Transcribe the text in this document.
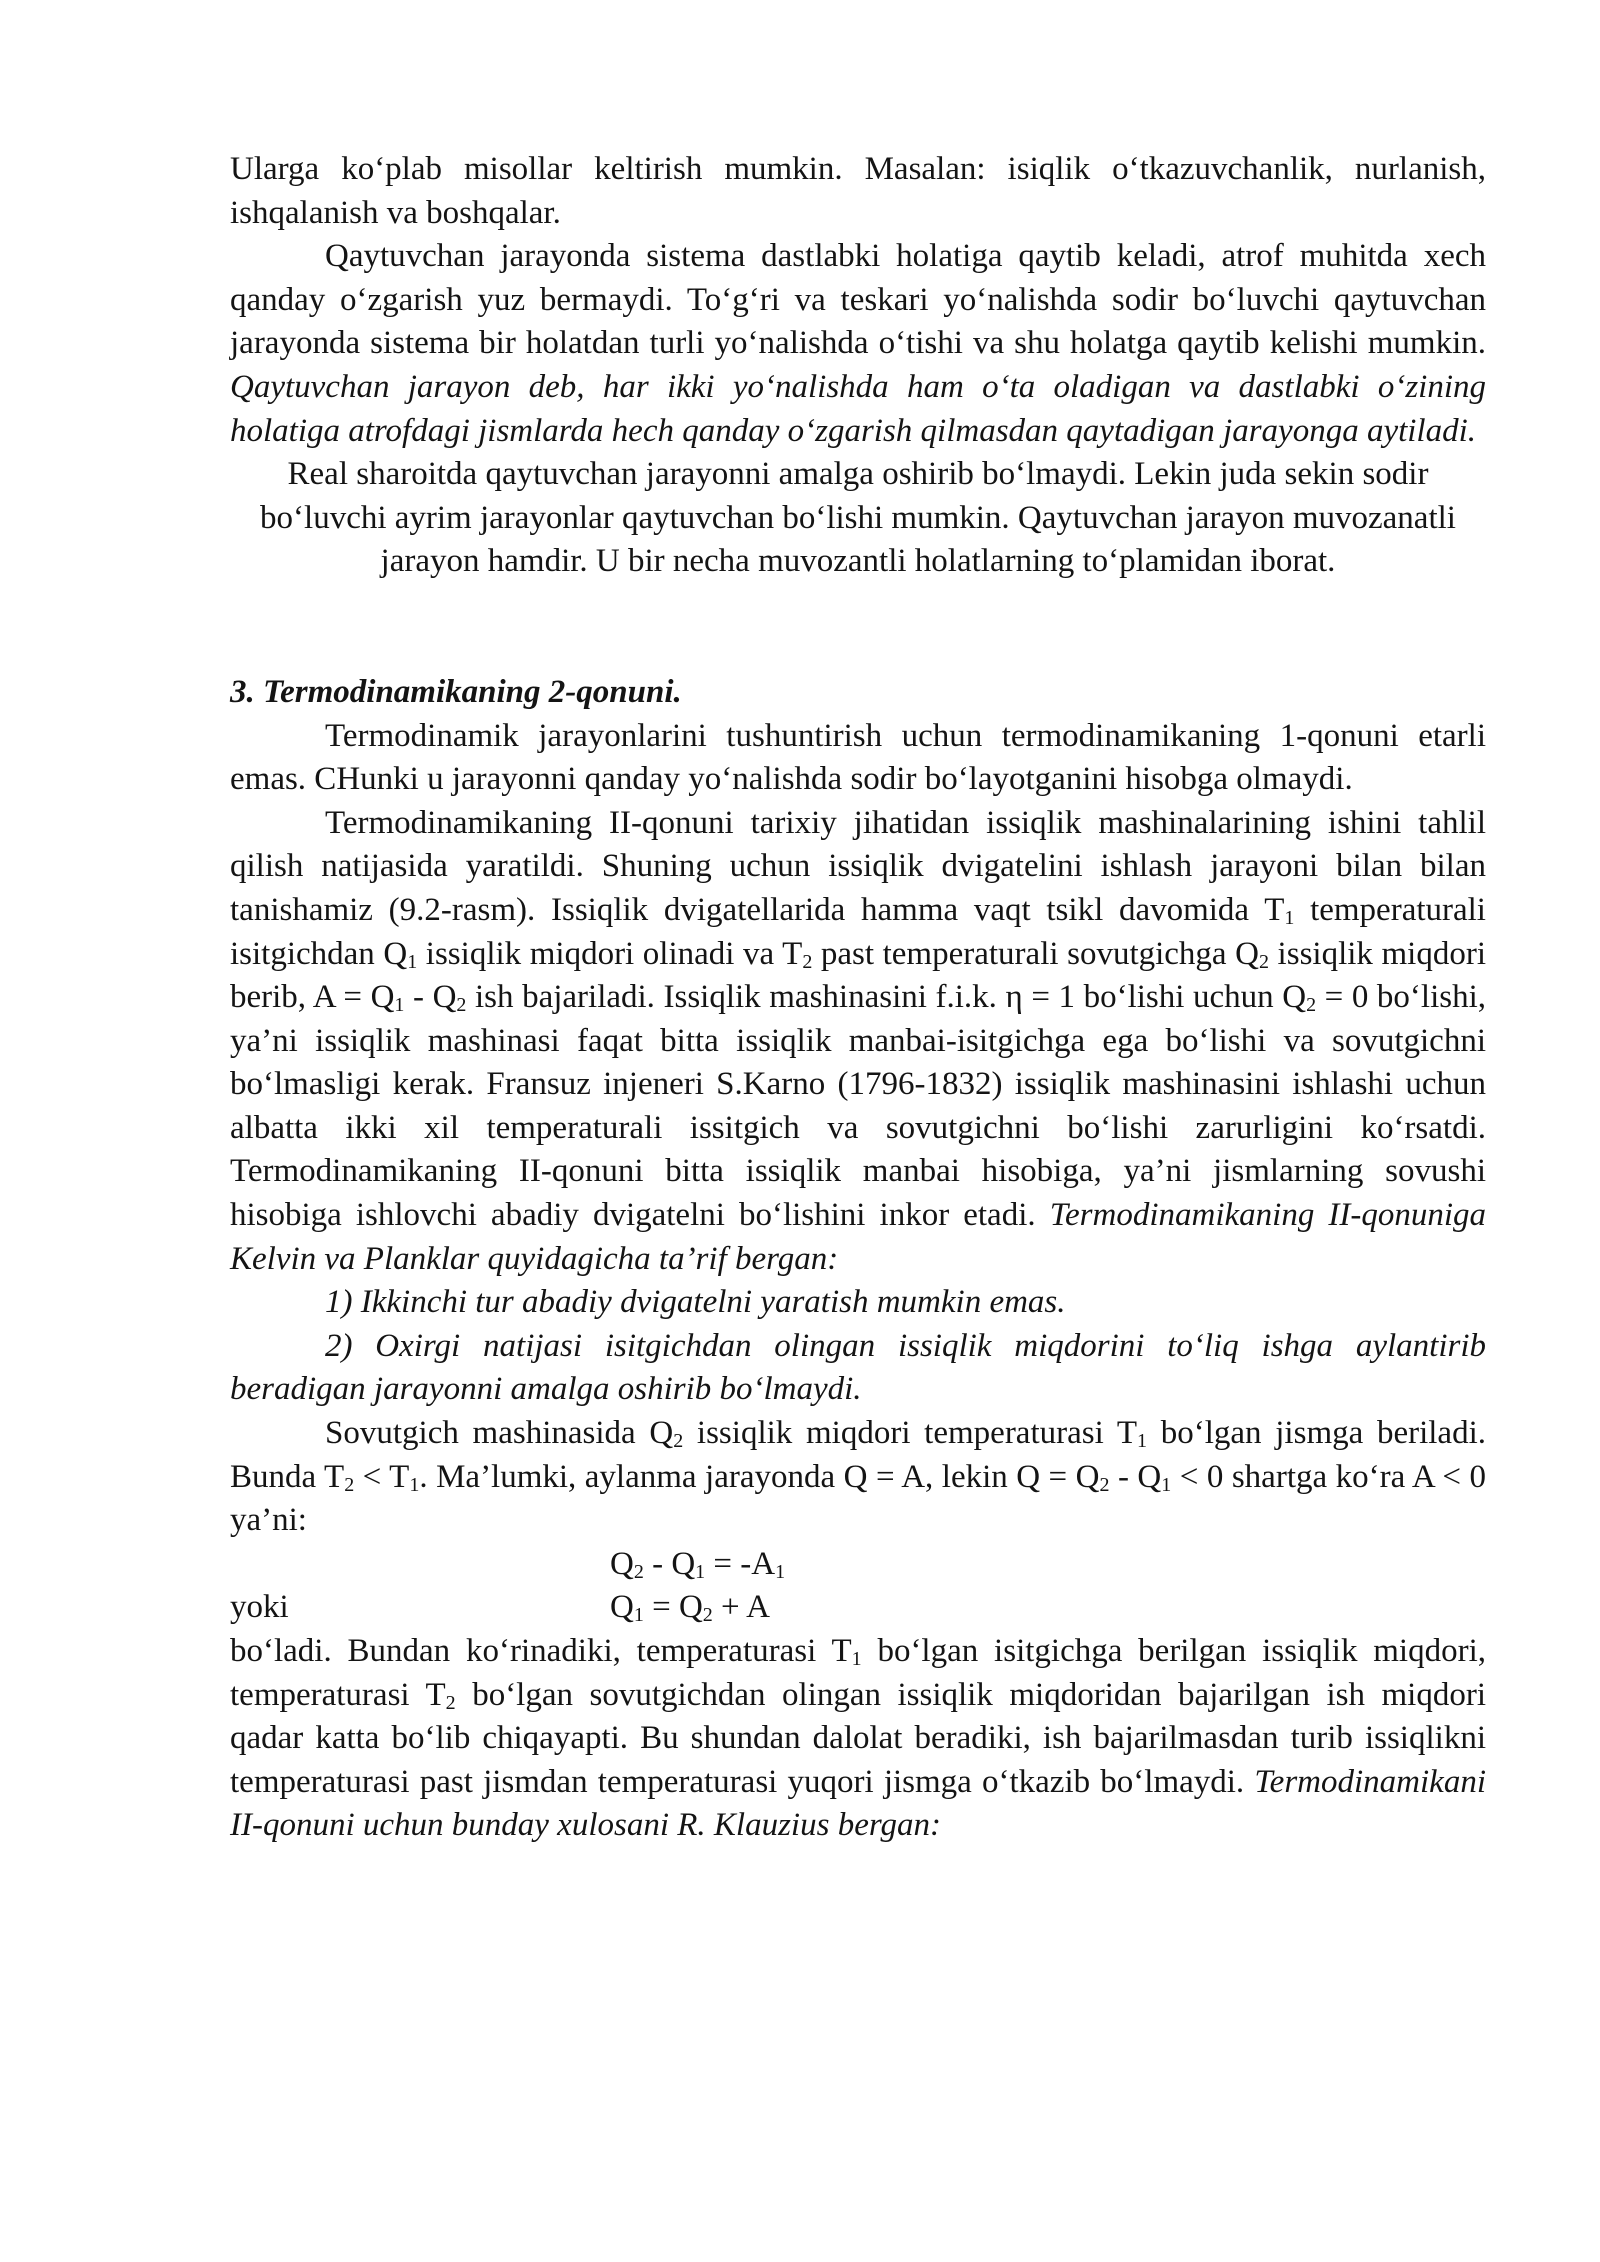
Ularga ko‘plab misollar keltirish mumkin. Masalan: isiqlik o‘tkazuvchanlik, nurlanish, ishqalanish va boshqalar.

Qaytuvchan jarayonda sistema dastlabki holatiga qaytib keladi, atrof muhitda xech qanday o‘zgarish yuz bermaydi. To‘g‘ri va teskari yo‘nalishda sodir bo‘luvchi qaytuvchan jarayonda sistema bir holatdan turli yo‘nalishda o‘tishi va shu holatga qaytib kelishi mumkin. Qaytuvchan jarayon deb, har ikki yo‘nalishda ham o‘ta oladigan va dastlabki o‘zining holatiga atrofdagi jismlarda hech qanday o‘zgarish qilmasdan qaytadigan jarayonga aytiladi.

Real sharoitda qaytuvchan jarayonni amalga oshirib bo‘lmaydi. Lekin juda sekin sodir bo‘luvchi ayrim jarayonlar qaytuvchan bo‘lishi mumkin. Qaytuvchan jarayon muvozanatli jarayon hamdir. U bir necha muvozantli holatlarning to‘plamidan iborat.

3. Termodinamikaning 2-qonuni.

Termodinamik jarayonlarini tushuntirish uchun termodinamikaning 1-qonuni etarli emas. CHunki u jarayonni qanday yo‘nalishda sodir bo‘layotganini hisobga olmaydi.

Termodinamikaning II-qonuni tarixiy jihatidan issiqlik mashinalarining ishini tahlil qilish natijasida yaratildi. Shuning uchun issiqlik dvigatelini ishlash jarayoni bilan bilan tanishamiz (9.2-rasm). Issiqlik dvigatellarida hamma vaqt tsikl davomida $T_1$ temperaturali isitgichdan $Q_1$ issiqlik miqdori olinadi va $T_2$ past temperaturali sovutgichga $Q_2$ issiqlik miqdori berib, $A = Q_1 - Q_2$ ish bajariladi. Issiqlik mashinasini f.i.k. η = 1 bo‘lishi uchun $Q_2 = 0$ bo‘lishi, ya’ni issiqlik mashinasi faqat bitta issiqlik manbai-isitgichga ega bo‘lishi va sovutgichni bo‘lmasligi kerak. Fransuz injeneri S.Karno (1796-1832) issiqlik mashinasini ishlashi uchun albatta ikki xil temperaturali issitgich va sovutgichni bo‘lishi zarurligini ko‘rsatdi. Termodinamikaning II-qonuni bitta issiqlik manbai hisobiga, ya’ni jismlarning sovushi hisobiga ishlovchi abadiy dvigatelni bo‘lishini inkor etadi. Termodinamikaning II-qonuniga Kelvin va Planklar quyidagicha ta’rif bergan:

1) Ikkinchi tur abadiy dvigatelni yaratish mumkin emas.

2) Oxirgi natijasi isitgichdan olingan issiqlik miqdorini to‘liq ishga aylantirib beradigan jarayonni amalga oshirib bo‘lmaydi.

Sovutgich mashinasida $Q_2$ issiqlik miqdori temperaturasi $T_1$ bo‘lgan jismga beriladi. Bunda $T_2 < T_1$. Ma’lumki, aylanma jarayonda Q = A, lekin $Q = Q_2 - Q_1 < 0$ shartga ko‘ra A < 0 ya’ni:

$Q_2 - Q_1 = -A_1$
yoki	$Q_1 = Q_2 + A$

bo‘ladi. Bundan ko‘rinadiki, temperaturasi $T_1$ bo‘lgan isitgichga berilgan issiqlik miqdori, temperaturasi $T_2$ bo‘lgan sovutgichdan olingan issiqlik miqdoridan bajarilgan ish miqdori qadar katta bo‘lib chiqayapti. Bu shundan dalolat beradiki, ish bajarilmasdan turib issiqlikni temperaturasi past jismdan temperaturasi yuqori jismga o‘tkazib bo‘lmaydi. Termodinamikani II-qonuni uchun bunday xulosani R. Klauzius bergan:
